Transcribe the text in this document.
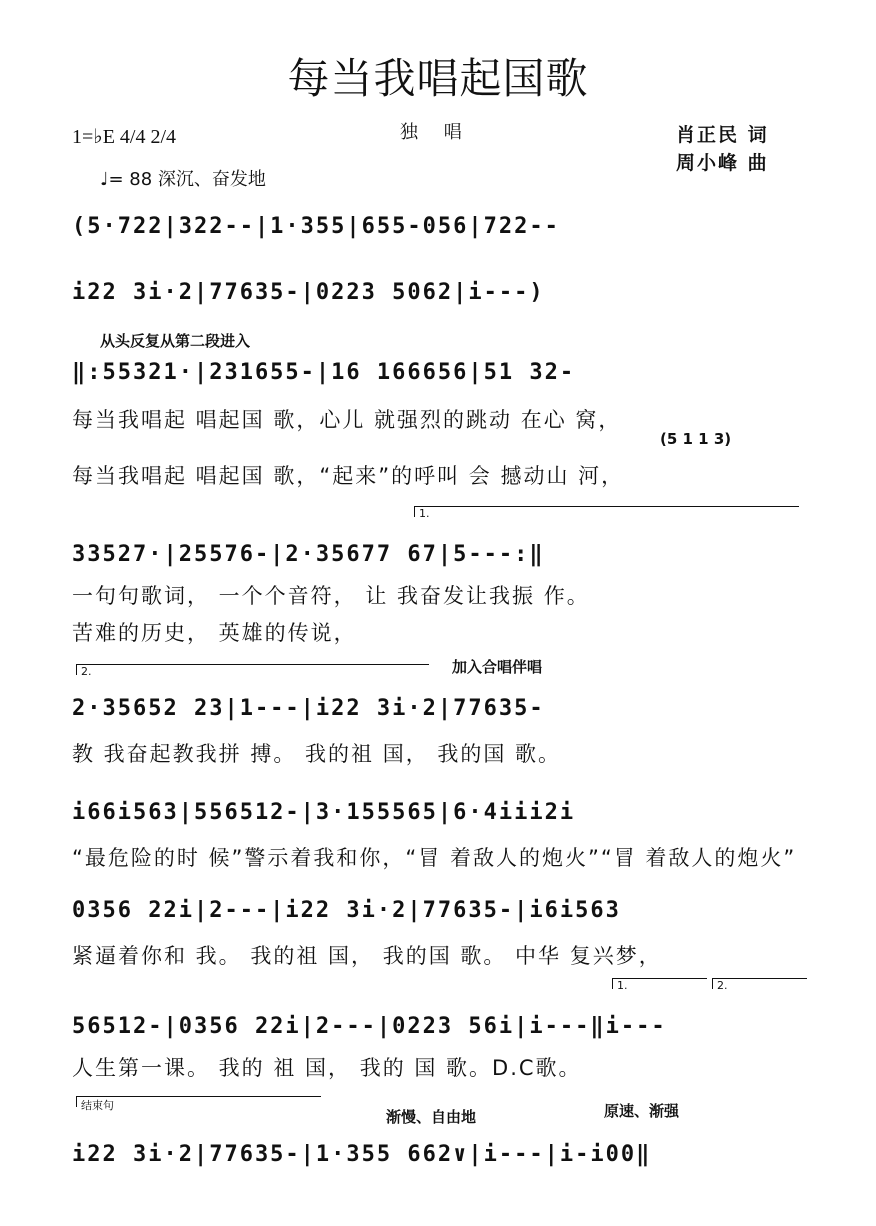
每当我唱起国歌
1=♭E 4/4 2/4	独 唱	肖正民 词
周小峰 曲
♩= 88 深沉、奋发地
(5·722|322--|1·355|655-056|722--
i22 3i·2|77635-|0223 5062|i---)
从头反复从第二段进入
‖:55321·|231655-|16 166656|51 32-
每当我唱起 唱起国 歌，心儿 就强烈的跳动 在心 窝，
(5 1 1 3)
每当我唱起 唱起国 歌，“起来”的呼叫 会 撼动山 河，
1.
33527·|25576-|2·35677 67|5---:‖
一句句歌词， 一个个音符， 让 我奋发让我振 作。
苦难的历史， 英雄的传说，
2.	加入合唱伴唱
2·35652 23|1---|i22 3i·2|77635-
教 我奋起教我拼 搏。 我的祖 国， 我的国 歌。
i66i563|556512-|3·155565|6·4iii2i
“最危险的时 候”警示着我和你，“冒 着敌人的炮火”“冒 着敌人的炮火”
0356 22i|2---|i22 3i·2|77635-|i6i563
紧逼着你和 我。 我的祖 国， 我的国 歌。 中华 复兴梦，
1.	2.
56512-|0356 22i|2---|0223 56i|i---‖i---
人生第一课。 我的 祖 国， 我的 国 歌。D.C歌。
结束句
渐慢、自由地	原速、渐强
i22 3i·2|77635-|1·355 662∨|i---|i-i00‖
